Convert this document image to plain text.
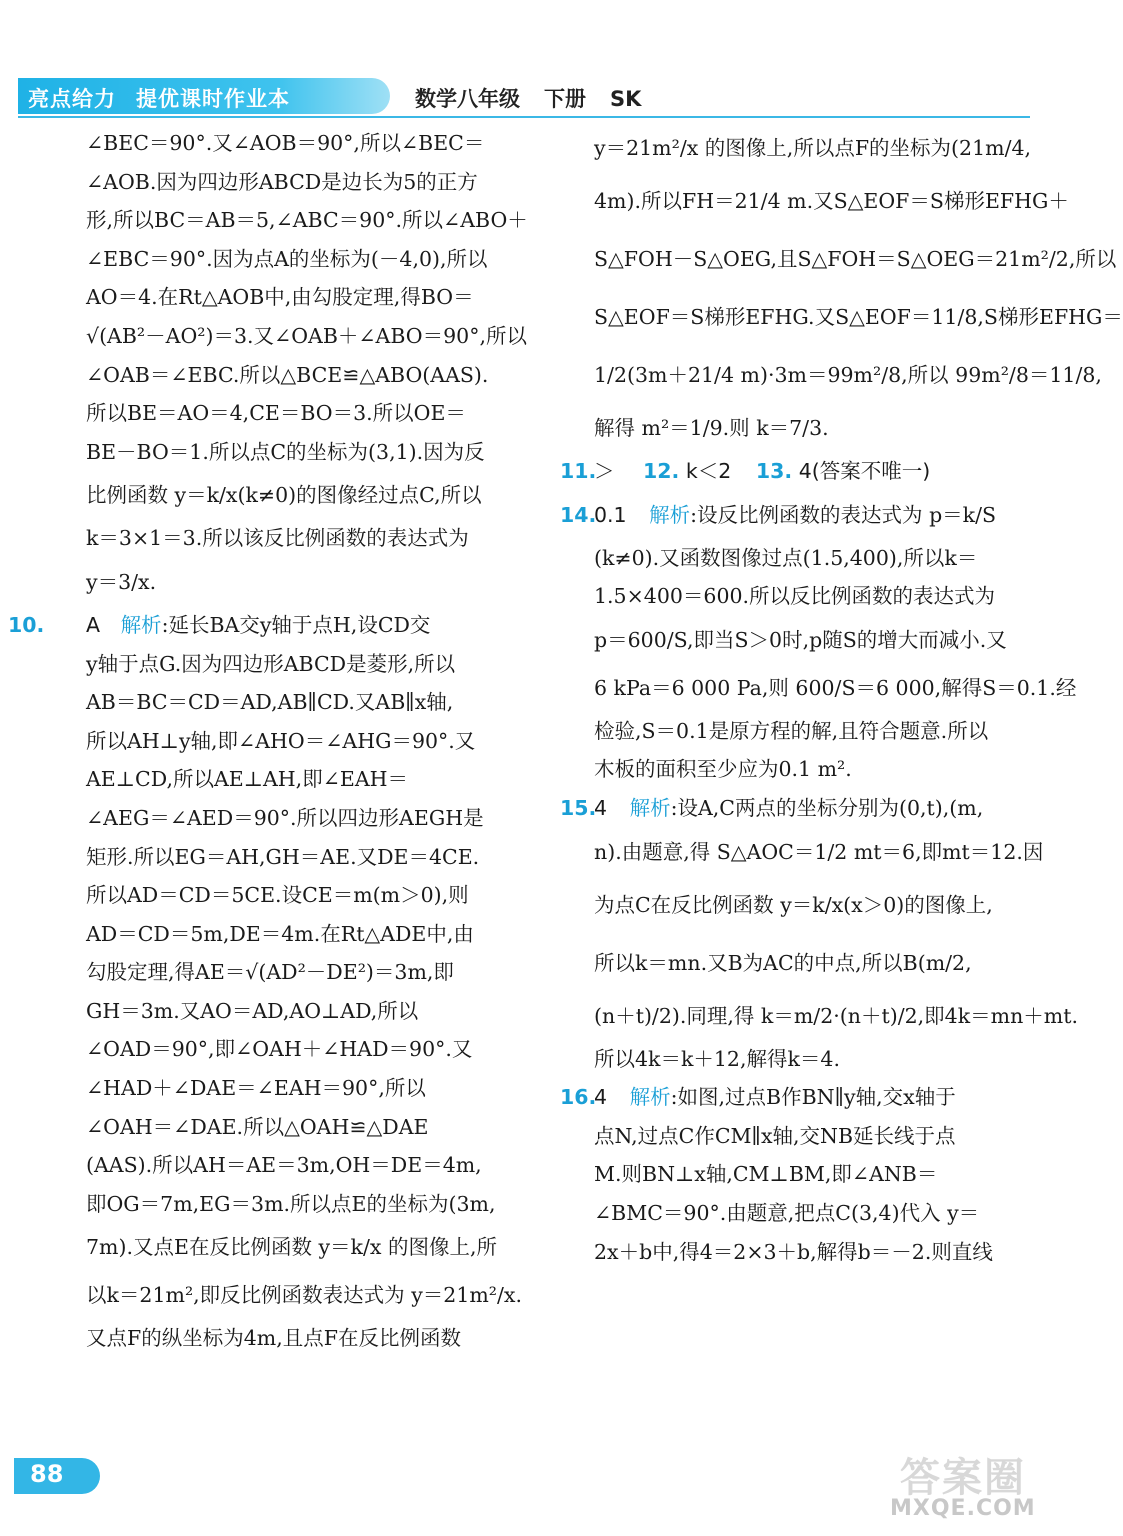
亮点给力 提优课时作业本	数学八年级 下册 SK
∠BEC＝90°.又∠AOB＝90°,所以∠BEC＝
∠AOB.因为四边形ABCD是边长为5的正方
形,所以BC＝AB＝5,∠ABC＝90°.所以∠ABO＋
∠EBC＝90°.因为点A的坐标为(－4,0),所以
AO＝4.在Rt△AOB中,由勾股定理,得BO＝
√(AB²－AO²)＝3.又∠OAB＋∠ABO＝90°,所以
∠OAB＝∠EBC.所以△BCE≌△ABO(AAS).
所以BE＝AO＝4,CE＝BO＝3.所以OE＝
BE－BO＝1.所以点C的坐标为(3,1).因为反
比例函数 y＝k/x(k≠0)的图像经过点C,所以
k＝3×1＝3.所以该反比例函数的表达式为
y＝3/x.
10. A 解析:延长BA交y轴于点H,设CD交
y轴于点G.因为四边形ABCD是菱形,所以
AB＝BC＝CD＝AD,AB∥CD.又AB∥x轴,
所以AH⊥y轴,即∠AHO＝∠AHG＝90°.又
AE⊥CD,所以AE⊥AH,即∠EAH＝
∠AEG＝∠AED＝90°.所以四边形AEGH是
矩形.所以EG＝AH,GH＝AE.又DE＝4CE.
所以AD＝CD＝5CE.设CE＝m(m＞0),则
AD＝CD＝5m,DE＝4m.在Rt△ADE中,由
勾股定理,得AE＝√(AD²－DE²)＝3m,即
GH＝3m.又AO＝AD,AO⊥AD,所以
∠OAD＝90°,即∠OAH＋∠HAD＝90°.又
∠HAD＋∠DAE＝∠EAH＝90°,所以
∠OAH＝∠DAE.所以△OAH≌△DAE
(AAS).所以AH＝AE＝3m,OH＝DE＝4m,
即OG＝7m,EG＝3m.所以点E的坐标为(3m,
7m).又点E在反比例函数 y＝k/x 的图像上,所
以k＝21m²,即反比例函数表达式为 y＝21m²/x.
又点F的纵坐标为4m,且点F在反比例函数
y＝21m²/x 的图像上,所以点F的坐标为(21m/4,
4m).所以FH＝21/4 m.又S△EOF＝S梯形EFHG＋
S△FOH－S△OEG,且S△FOH＝S△OEG＝21m²/2,所以
S△EOF＝S梯形EFHG.又S△EOF＝11/8,S梯形EFHG＝
1/2(3m＋21/4 m)·3m＝99m²/8,所以 99m²/8＝11/8,
解得 m²＝1/9.则 k＝7/3.
11.
＞ 12. k＜2 13. 4(答案不唯一)
14.
0.1 解析:设反比例函数的表达式为 p＝k/S
(k≠0).又函数图像过点(1.5,400),所以k＝
1.5×400＝600.所以反比例函数的表达式为
p＝600/S,即当S＞0时,p随S的增大而减小.又
6 kPa＝6 000 Pa,则 600/S＝6 000,解得S＝0.1.经
检验,S＝0.1是原方程的解,且符合题意.所以
木板的面积至少应为0.1 m².
15.
4 解析:设A,C两点的坐标分别为(0,t),(m,
n).由题意,得 S△AOC＝1/2 mt＝6,即mt＝12.因
为点C在反比例函数 y＝k/x(x＞0)的图像上,
所以k＝mn.又B为AC的中点,所以B(m/2,
(n＋t)/2).同理,得 k＝m/2·(n＋t)/2,即4k＝mn＋mt.
所以4k＝k＋12,解得k＝4.
16.
4 解析:如图,过点B作BN∥y轴,交x轴于
点N,过点C作CM∥x轴,交NB延长线于点
M.则BN⊥x轴,CM⊥BM,即∠ANB＝
∠BMC＝90°.由题意,把点C(3,4)代入 y＝
2x＋b中,得4＝2×3＋b,解得b＝－2.则直线
88	答案圈
MXQE.COM
